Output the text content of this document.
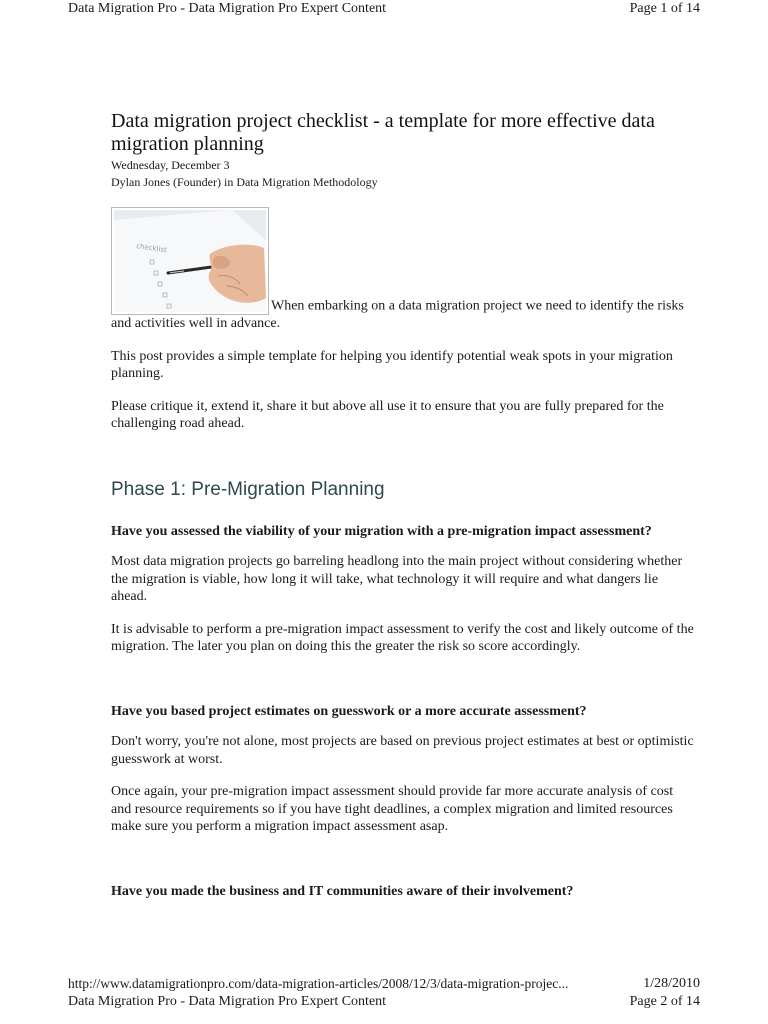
Data Migration Pro - Data Migration Pro Expert Content	Page 1 of 14
Data migration project checklist - a template for more effective data migration planning
Wednesday, December 3
Dylan Jones (Founder) in Data Migration Methodology
checklist
When embarking on a data migration project we need to identify the risks and activities well in advance.

This post provides a simple template for helping you identify potential weak spots in your migration planning.

Please critique it, extend it, share it but above all use it to ensure that you are fully prepared for the challenging road ahead.

Phase 1: Pre-Migration Planning

Have you assessed the viability of your migration with a pre-migration impact assessment?

Most data migration projects go barreling headlong into the main project without considering whether the migration is viable, how long it will take, what technology it will require and what dangers lie ahead.

It is advisable to perform a pre-migration impact assessment to verify the cost and likely outcome of the migration. The later you plan on doing this the greater the risk so score accordingly.

Have you based project estimates on guesswork or a more accurate assessment?

Don't worry, you're not alone, most projects are based on previous project estimates at best or optimistic guesswork at worst.

Once again, your pre-migration impact assessment should provide far more accurate analysis of cost and resource requirements so if you have tight deadlines, a complex migration and limited resources make sure you perform a migration impact assessment asap.

Have you made the business and IT communities aware of their involvement?

http://www.datamigrationpro.com/data-migration-articles/2008/12/3/data-migration-projec...	1/28/2010
Data Migration Pro - Data Migration Pro Expert Content	Page 2 of 14
